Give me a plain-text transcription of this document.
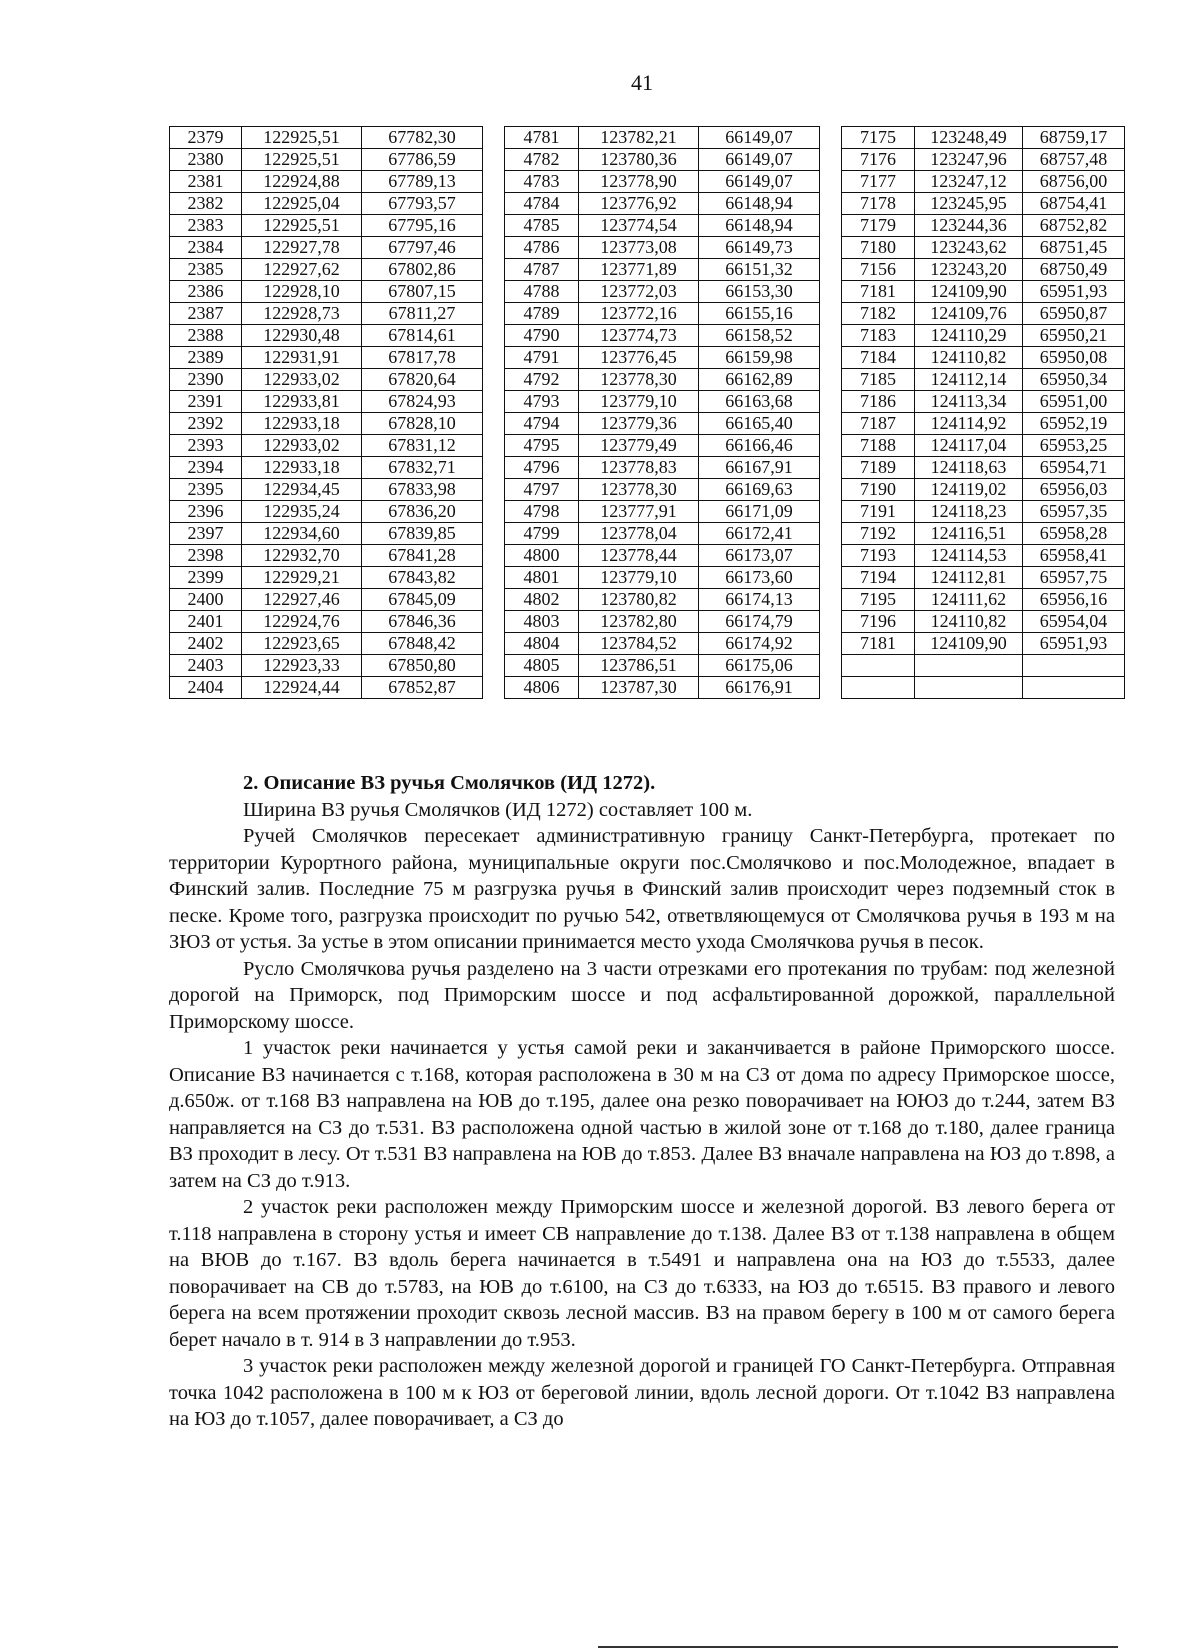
41
2379	122925,51	67782,30		4781	123782,21	66149,07		7175	123248,49	68759,17
2380	122925,51	67786,59		4782	123780,36	66149,07		7176	123247,96	68757,48
2381	122924,88	67789,13		4783	123778,90	66149,07		7177	123247,12	68756,00
2382	122925,04	67793,57		4784	123776,92	66148,94		7178	123245,95	68754,41
2383	122925,51	67795,16		4785	123774,54	66148,94		7179	123244,36	68752,82
2384	122927,78	67797,46		4786	123773,08	66149,73		7180	123243,62	68751,45
2385	122927,62	67802,86		4787	123771,89	66151,32		7156	123243,20	68750,49
2386	122928,10	67807,15		4788	123772,03	66153,30		7181	124109,90	65951,93
2387	122928,73	67811,27		4789	123772,16	66155,16		7182	124109,76	65950,87
2388	122930,48	67814,61		4790	123774,73	66158,52		7183	124110,29	65950,21
2389	122931,91	67817,78		4791	123776,45	66159,98		7184	124110,82	65950,08
2390	122933,02	67820,64		4792	123778,30	66162,89		7185	124112,14	65950,34
2391	122933,81	67824,93		4793	123779,10	66163,68		7186	124113,34	65951,00
2392	122933,18	67828,10		4794	123779,36	66165,40		7187	124114,92	65952,19
2393	122933,02	67831,12		4795	123779,49	66166,46		7188	124117,04	65953,25
2394	122933,18	67832,71		4796	123778,83	66167,91		7189	124118,63	65954,71
2395	122934,45	67833,98		4797	123778,30	66169,63		7190	124119,02	65956,03
2396	122935,24	67836,20		4798	123777,91	66171,09		7191	124118,23	65957,35
2397	122934,60	67839,85		4799	123778,04	66172,41		7192	124116,51	65958,28
2398	122932,70	67841,28		4800	123778,44	66173,07		7193	124114,53	65958,41
2399	122929,21	67843,82		4801	123779,10	66173,60		7194	124112,81	65957,75
2400	122927,46	67845,09		4802	123780,82	66174,13		7195	124111,62	65956,16
2401	122924,76	67846,36		4803	123782,80	66174,79		7196	124110,82	65954,04
2402	122923,65	67848,42		4804	123784,52	66174,92		7181	124109,90	65951,93
2403	122923,33	67850,80		4805	123786,51	66175,06				
2404	122924,44	67852,87		4806	123787,30	66176,91				

2. Описание ВЗ ручья Смолячков (ИД 1272).

Ширина ВЗ ручья Смолячков (ИД 1272) составляет 100 м.

Ручей Смолячков пересекает административную границу Санкт-Петербурга, протекает по территории Курортного района, муниципальные округи пос.Смолячково и пос.Молодежное, впадает в Финский залив. Последние 75 м разгрузка ручья в Финский залив происходит через подземный сток в песке. Кроме того, разгрузка происходит по ручью 542, ответвляющемуся от Смолячкова ручья в 193 м на ЗЮЗ от устья. За устье в этом описании принимается место ухода Смолячкова ручья в песок.

Русло Смолячкова ручья разделено на 3 части отрезками его протекания по трубам: под железной дорогой на Приморск, под Приморским шоссе и под асфальтированной дорожкой, параллельной Приморскому шоссе.

1 участок реки начинается у устья самой реки и заканчивается в районе Приморского шоссе. Описание ВЗ начинается с т.168, которая расположена в 30 м на СЗ от дома по адресу Приморское шоссе, д.650ж. от т.168 ВЗ направлена на ЮВ до т.195, далее она резко поворачивает на ЮЮЗ до т.244, затем ВЗ направляется на СЗ до т.531. ВЗ расположена одной частью в жилой зоне от т.168 до т.180, далее граница ВЗ проходит в лесу. От т.531 ВЗ направлена на ЮВ до т.853. Далее ВЗ вначале направлена на ЮЗ до т.898, а затем на СЗ до т.913.

2 участок реки расположен между Приморским шоссе и железной дорогой. ВЗ левого берега от т.118 направлена в сторону устья и имеет СВ направление до т.138. Далее ВЗ от т.138 направлена в общем на ВЮВ до т.167. ВЗ вдоль берега начинается в т.5491 и направлена она на ЮЗ до т.5533, далее поворачивает на СВ до т.5783, на ЮВ до т.6100, на СЗ до т.6333, на ЮЗ до т.6515. ВЗ правого и левого берега на всем протяжении проходит сквозь лесной массив. ВЗ на правом берегу в 100 м от самого берега берет начало в т. 914 в З направлении до т.953.

3 участок реки расположен между железной дорогой и границей ГО Санкт-Петербурга. Отправная точка 1042 расположена в 100 м к ЮЗ от береговой линии, вдоль лесной дороги. От т.1042 ВЗ направлена на ЮЗ до т.1057, далее поворачивает, а СЗ до
